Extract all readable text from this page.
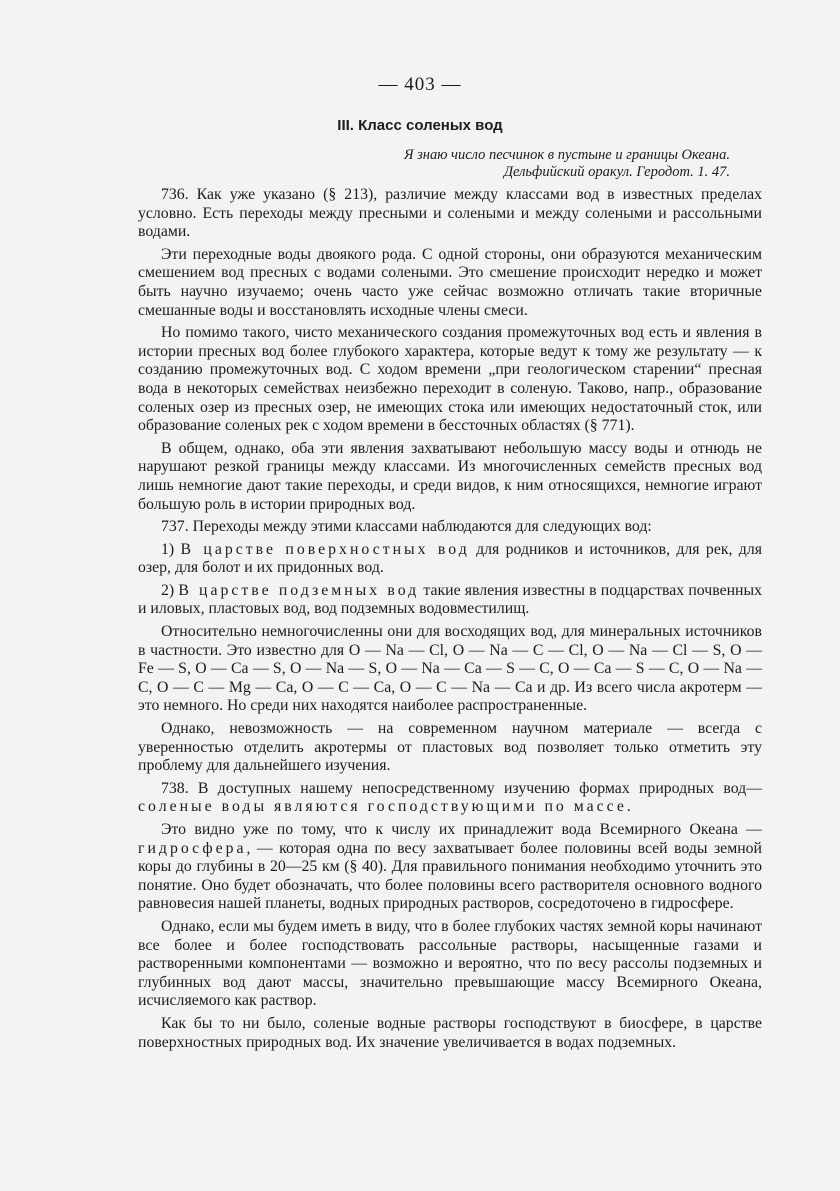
— 403 —
III. Класс соленых вод
Я знаю число песчинок в пустыне и границы Океана.
Дельфийский оракул. Геродот. 1. 47.

736. Как уже указано (§ 213), различие между классами вод в известных пределах условно. Есть переходы между пресными и солеными и между солеными и рассольными водами.

Эти переходные воды двоякого рода. С одной стороны, они образуются механическим смешением вод пресных с водами солеными. Это смешение происходит нередко и может быть научно изучаемо; очень часто уже сейчас возможно отличать такие вторичные смешанные воды и восстановлять исходные члены смеси.

Но помимо такого, чисто механического создания промежуточных вод есть и явления в истории пресных вод более глубокого характера, которые ведут к тому же результату — к созданию промежуточных вод. С ходом времени „при геологическом старении“ пресная вода в некоторых семействах неизбежно переходит в соленую. Таково, напр., образование соленых озер из пресных озер, не имеющих стока или имеющих недостаточный сток, или образование соленых рек с ходом времени в бессточных областях (§ 771).

В общем, однако, оба эти явления захватывают небольшую массу воды и отнюдь не нарушают резкой границы между классами. Из многочисленных семейств пресных вод лишь немногие дают такие переходы, и среди видов, к ним относящихся, немногие играют большую роль в истории природных вод.

737. Переходы между этими классами наблюдаются для следующих вод:

1) В царстве поверхностных вод для родников и источников, для рек, для озер, для болот и их придонных вод.

2) В царстве подземных вод такие явления известны в подцарствах почвенных и иловых, пластовых вод, вод подземных водовместилищ.

Относительно немногочисленны они для восходящих вод, для минеральных источников в частности. Это известно для O — Na — Cl, O — Na — C — Cl, O — Na — Cl — S, O — Fe — S, O — Ca — S, O — Na — S, O — Na — Ca — S — C, O — Ca — S — C, O — Na — C, O — C — Mg — Ca, O — C — Ca, O — C — Na — Ca и др. Из всего числа акротерм — это немного. Но среди них находятся наиболее распространенные.

Однако, невозможность — на современном научном материале — всегда с уверенностью отделить акротермы от пластовых вод позволяет только отметить эту проблему для дальнейшего изучения.

738. В доступных нашему непосредственному изучению формах природных вод—соленые воды являются господствующими по массе.

Это видно уже по тому, что к числу их принадлежит вода Всемирного Океана — гидросфера, — которая одна по весу захватывает более половины всей воды земной коры до глубины в 20—25 км (§ 40). Для правильного понимания необходимо уточнить это понятие. Оно будет обозначать, что более половины всего растворителя основного водного равновесия нашей планеты, водных природных растворов, сосредоточено в гидросфере.

Однако, если мы будем иметь в виду, что в более глубоких частях земной коры начинают все более и более господствовать рассольные растворы, насыщенные газами и растворенными компонентами — возможно и вероятно, что по весу рассолы подземных и глубинных вод дают массы, значительно превышающие массу Всемирного Океана, исчисляемого как раствор.

Как бы то ни было, соленые водные растворы господствуют в биосфере, в царстве поверхностных природных вод. Их значение увеличивается в водах подземных.
